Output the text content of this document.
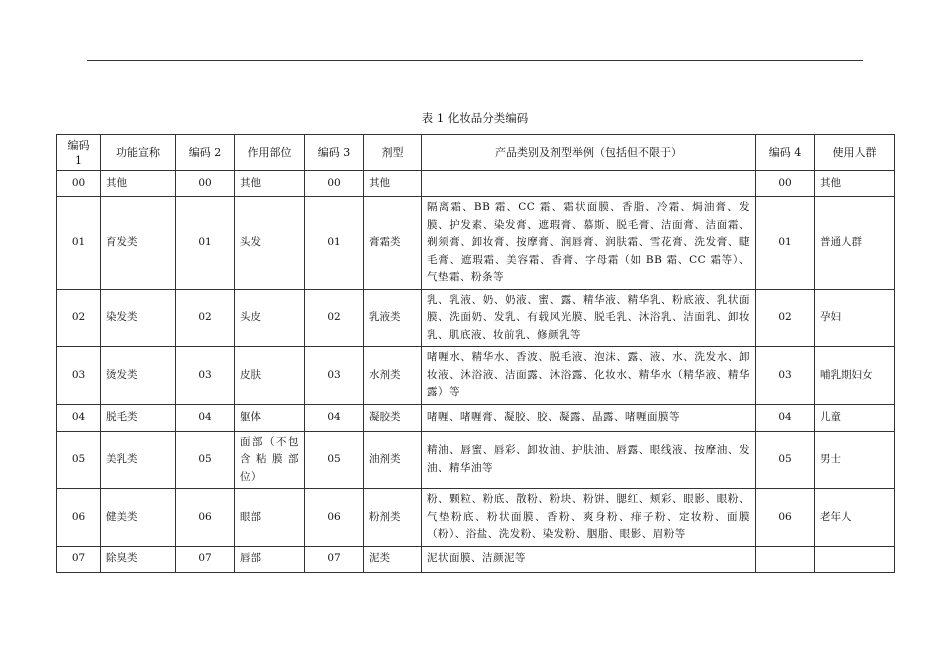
表 1 化妆品分类编码
编码
1	功能宣称	编码 2	作用部位	编码 3	剂型	产品类别及剂型举例（包括但不限于）	编码 4	使用人群
00	其他	00	其他	00	其他		00	其他
01	育发类	01	头发	01	膏霜类	隔离霜、BB 霜、CC 霜、霜状面膜、香脂、冷霜、焗油膏、发膜、护发素、染发膏、遮瑕膏、慕斯、脱毛膏、洁面膏、洁面霜、剃须膏、卸妆膏、按摩膏、润唇膏、润肤霜、雪花膏、洗发膏、睫毛膏、遮瑕霜、美容霜、香膏、字母霜（如 BB 霜、CC 霜等）、气垫霜、粉条等	01	普通人群
02	染发类	02	头皮	02	乳液类	乳、乳液、奶、奶液、蜜、露、精华液、精华乳、粉底液、乳状面膜、洗面奶、发乳、有载风光膜、脱毛乳、沐浴乳、洁面乳、卸妆乳、肌底液、妆前乳、修颜乳等	02	孕妇
03	烫发类	03	皮肤	03	水剂类	啫喱水、精华水、香波、脱毛液、泡沫、露、液、水、洗发水、卸妆液、沐浴液、洁面露、沐浴露、化妆水、精华水（精华液、精华露）等	03	哺乳期妇女
04	脱毛类	04	躯体	04	凝胶类	啫喱、啫喱膏、凝胶、胶、凝露、晶露、啫喱面膜等	04	儿童
05	美乳类	05	面部（不包含粘膜部位）	05	油剂类	精油、唇蜜、唇彩、卸妆油、护肤油、唇露、眼线液、按摩油、发油、精华油等	05	男士
06	健美类	06	眼部	06	粉剂类	粉、颗粒、粉底、散粉、粉块、粉饼、腮红、颊彩、眼影、眼粉、气垫粉底、粉状面膜、香粉、爽身粉、痱子粉、定妆粉、面膜（粉）、浴盐、洗发粉、染发粉、胭脂、眼影、眉粉等	06	老年人
07	除臭类	07	唇部	07	泥类	泥状面膜、洁颜泥等		
